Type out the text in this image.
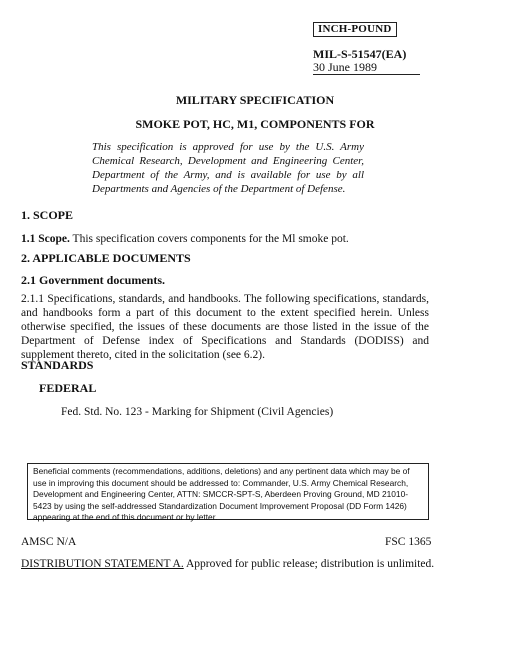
INCH-POUND
MIL-S-51547(EA)
30 June 1989
MILITARY SPECIFICATION
SMOKE POT, HC, M1, COMPONENTS FOR
This specification is approved for use by the U.S. Army Chemical Research, Development and Engineering Center, Department of the Army, and is available for use by all Departments and Agencies of the Department of Defense.
1. SCOPE
1.1 Scope. This specification covers components for the Ml smoke pot.
2. APPLICABLE DOCUMENTS
2.1 Government documents.
2.1.1 Specifications, standards, and handbooks. The following specifications, standards, and handbooks form a part of this document to the extent specified herein. Unless otherwise specified, the issues of these documents are those listed in the issue of the Department of Defense index of Specifications and Standards (DODISS) and supplement thereto, cited in the solicitation (see 6.2).
STANDARDS
FEDERAL
Fed. Std. No. 123 - Marking for Shipment (Civil Agencies)
Beneficial comments (recommendations, additions, deletions) and any pertinent data which may be of use in improving this document should be addressed to: Commander, U.S. Army Chemical Research, Development and Engineering Center, ATTN: SMCCR-SPT-S, Aberdeen Proving Ground, MD 21010-5423 by using the self-addressed Standardization Document Improvement Proposal (DD Form 1426) appearing at the end of this document or by letter.
AMSC N/A	FSC 1365
DISTRIBUTION STATEMENT A. Approved for public release; distribution is unlimited.
